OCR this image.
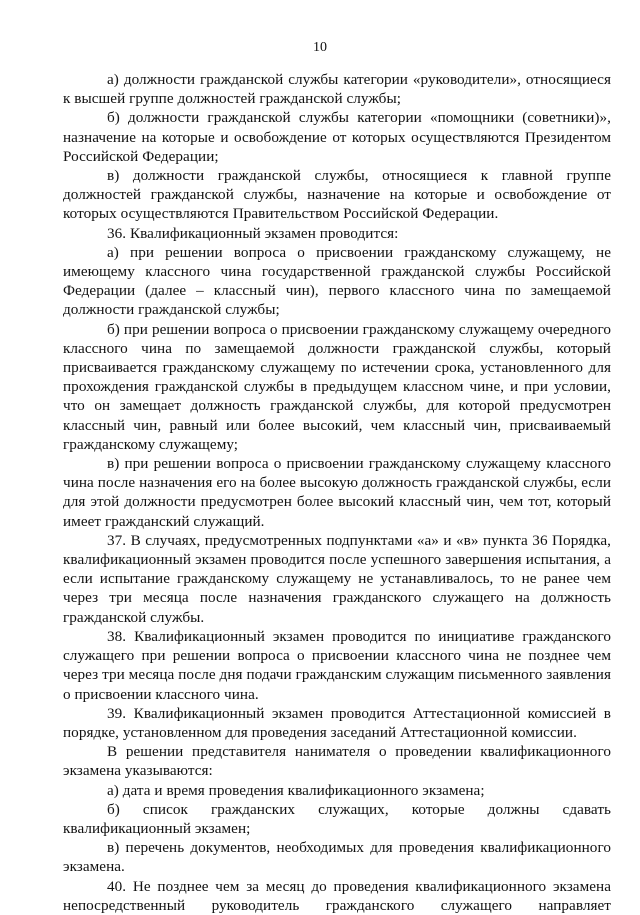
10

а) должности гражданской службы категории «руководители», относящиеся к высшей группе должностей гражданской службы;

б) должности гражданской службы категории «помощники (советники)», назначение на которые и освобождение от которых осуществляются Президентом Российской Федерации;

в) должности гражданской службы, относящиеся к главной группе должностей гражданской службы, назначение на которые и освобождение от которых осуществляются Правительством Российской Федерации.

36. Квалификационный экзамен проводится:

а) при решении вопроса о присвоении гражданскому служащему, не имеющему классного чина государственной гражданской службы Российской Федерации (далее – классный чин), первого классного чина по замещаемой должности гражданской службы;

б) при решении вопроса о присвоении гражданскому служащему очередного классного чина по замещаемой должности гражданской службы, который присваивается гражданскому служащему по истечении срока, установленного для прохождения гражданской службы в предыдущем классном чине, и при условии, что он замещает должность гражданской службы, для которой предусмотрен классный чин, равный или более высокий, чем классный чин, присваиваемый гражданскому служащему;

в) при решении вопроса о присвоении гражданскому служащему классного чина после назначения его на более высокую должность гражданской службы, если для этой должности предусмотрен более высокий классный чин, чем тот, который имеет гражданский служащий.

37. В случаях, предусмотренных подпунктами «а» и «в» пункта 36 Порядка, квалификационный экзамен проводится после успешного завершения испытания, а если испытание гражданскому служащему не устанавливалось, то не ранее чем через три месяца после назначения гражданского служащего на должность гражданской службы.

38. Квалификационный экзамен проводится по инициативе гражданского служащего при решении вопроса о присвоении классного чина не позднее чем через три месяца после дня подачи гражданским служащим письменного заявления о присвоении классного чина.

39. Квалификационный экзамен проводится Аттестационной комиссией в порядке, установленном для проведения заседаний Аттестационной комиссии.

В решении представителя нанимателя о проведении квалификационного экзамена указываются:

а) дата и время проведения квалификационного экзамена;

б) список гражданских служащих, которые должны сдавать квалификационный экзамен;

в) перечень документов, необходимых для проведения квалификационного экзамена.

40. Не позднее чем за месяц до проведения квалификационного экзамена непосредственный руководитель гражданского служащего направляет
